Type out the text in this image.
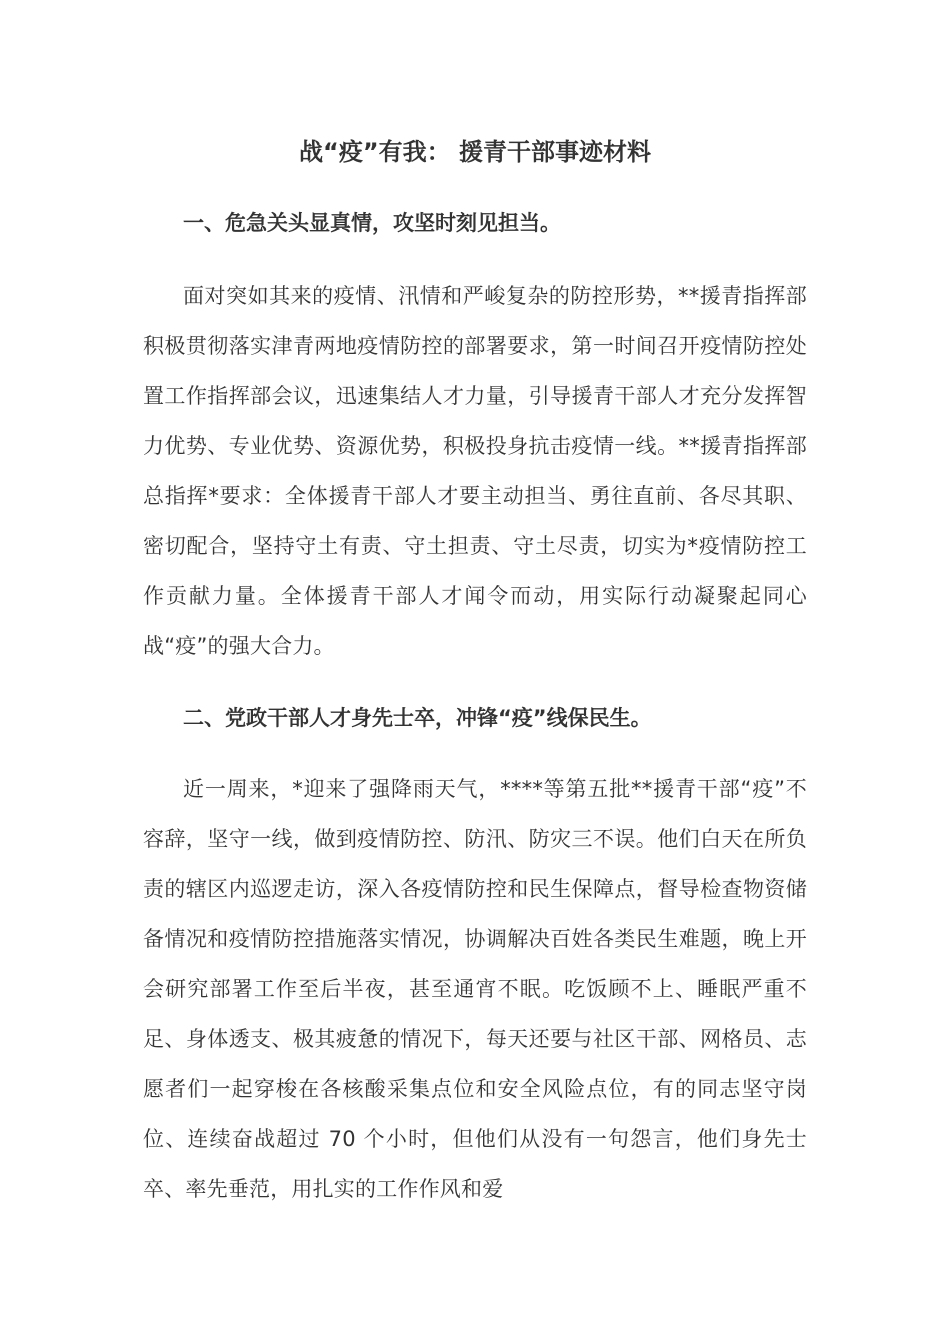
战“疫”有我： 援青干部事迹材料
一、危急关头显真情，攻坚时刻见担当。

面对突如其来的疫情、汛情和严峻复杂的防控形势，**援青指挥部积极贯彻落实津青两地疫情防控的部署要求，第一时间召开疫情防控处置工作指挥部会议，迅速集结人才力量，引导援青干部人才充分发挥智力优势、专业优势、资源优势，积极投身抗击疫情一线。**援青指挥部总指挥*要求：全体援青干部人才要主动担当、勇往直前、各尽其职、密切配合，坚持守土有责、守土担责、守土尽责，切实为*疫情防控工作贡献力量。全体援青干部人才闻令而动，用实际行动凝聚起同心战“疫”的强大合力。

二、党政干部人才身先士卒，冲锋“疫”线保民生。

近一周来，*迎来了强降雨天气，****等第五批**援青干部“疫”不容辞，坚守一线，做到疫情防控、防汛、防灾三不误。他们白天在所负责的辖区内巡逻走访，深入各疫情防控和民生保障点，督导检查物资储备情况和疫情防控措施落实情况，协调解决百姓各类民生难题，晚上开会研究部署工作至后半夜，甚至通宵不眠。吃饭顾不上、睡眠严重不足、身体透支、极其疲惫的情况下，每天还要与社区干部、网格员、志愿者们一起穿梭在各核酸采集点位和安全风险点位，有的同志坚守岗位、连续奋战超过 70 个小时，但他们从没有一句怨言，他们身先士卒、率先垂范，用扎实的工作作风和爱
